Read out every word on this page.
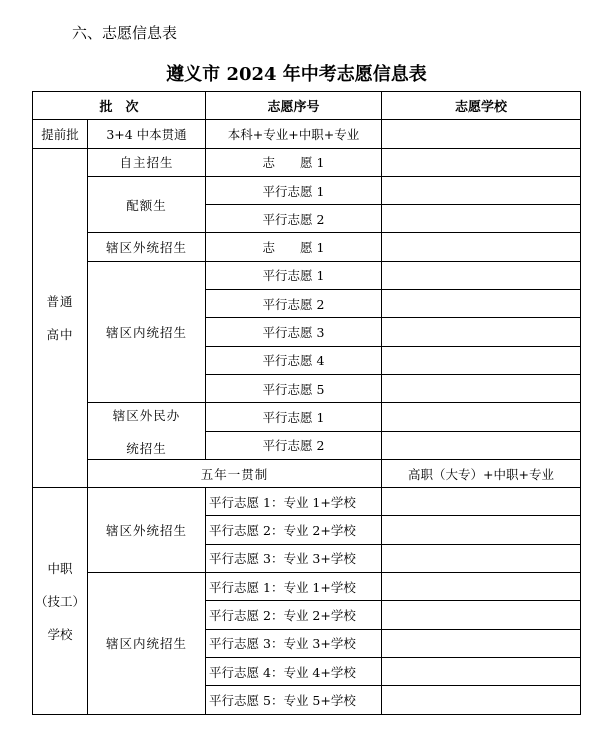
六、志愿信息表
遵义市 2024 年中考志愿信息表
批　次		志愿序号	志愿学校	
提前批	3+4 中本贯通	本科+专业+中职+专业		
普通

高中	自主招生	志　　愿 1		
	配额生	平行志愿 1		
		平行志愿 2		
	辖区外统招生	志　　愿 1		
	辖区内统招生	平行志愿 1		
		平行志愿 2		
		平行志愿 3		
		平行志愿 4		
		平行志愿 5		
	辖区外民办

统招生	平行志愿 1		
		平行志愿 2		
	五年一贯制		高职（大专）+中职+专业	
中职

（技工）

学校	辖区外统招生	平行志愿 1：专业 1+学校		
		平行志愿 2：专业 2+学校		
		平行志愿 3：专业 3+学校		
	辖区内统招生	平行志愿 1：专业 1+学校		
		平行志愿 2：专业 2+学校		
		平行志愿 3：专业 3+学校		
		平行志愿 4：专业 4+学校		
		平行志愿 5：专业 5+学校		
